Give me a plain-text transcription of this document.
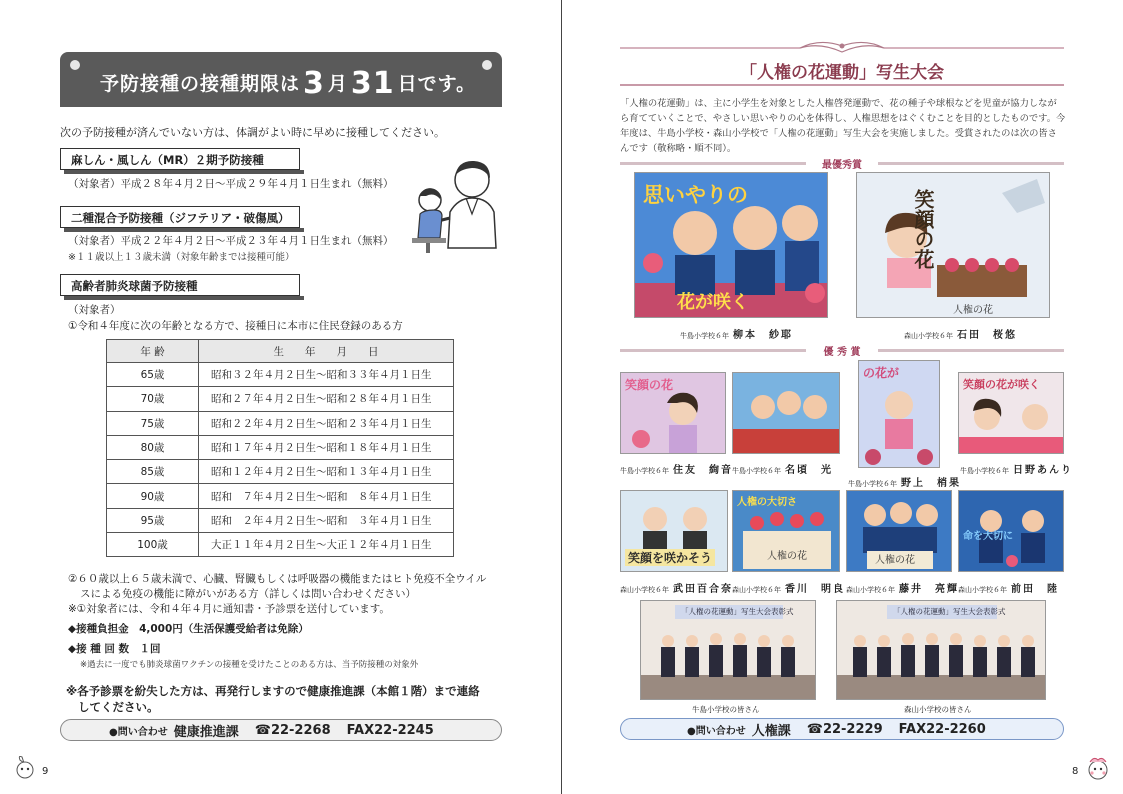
予防接種の接種期限は 3 月 31 日です。
次の予防接種が済んでいない方は、体調がよい時に早めに接種してください。
麻しん・風しん（MR）２期予防接種
（対象者）平成２８年４月２日〜平成２９年４月１日生まれ（無料）
二種混合予防接種（ジフテリア・破傷風）
（対象者）平成２２年４月２日〜平成２３年４月１日生まれ（無料）
※１１歳以上１３歳未満（対象年齢までは接種可能）
高齢者肺炎球菌予防接種
（対象者）
①令和４年度に次の年齢となる方で、接種日に本市に住民登録のある方
年 齢	生　　年　　月　　日
65歳	昭和３２年４月２日生〜昭和３３年４月１日生
70歳	昭和２７年４月２日生〜昭和２８年４月１日生
75歳	昭和２２年４月２日生〜昭和２３年４月１日生
80歳	昭和１７年４月２日生〜昭和１８年４月１日生
85歳	昭和１２年４月２日生〜昭和１３年４月１日生
90歳	昭和　７年４月２日生〜昭和　８年４月１日生
95歳	昭和　２年４月２日生〜昭和　３年４月１日生
100歳	大正１１年４月２日生〜大正１２年４月１日生
②６０歳以上６５歳未満で、心臓、腎臓もしくは呼吸器の機能またはヒト免疫不全ウイル
スによる免疫の機能に障がいがある方（詳しくは問い合わせください）
※①対象者には、令和４年４月に通知書・予診票を送付しています。
◆接種負担金　4,000円（生活保護受給者は免除）
◆接 種 回 数　１回
※過去に一度でも肺炎球菌ワクチンの接種を受けたことのある方は、当予防接種の対象外
※各予診票を紛失した方は、再発行しますので健康推進課（本館１階）まで連絡
してください。
●問い合わせ 健康推進課 ☎22-2268 FAX22-2245
9
「人権の花運動」写生大会
「人権の花運動」は、主に小学生を対象とした人権啓発運動で、花の種子や球根などを児童が協力しながら育てていくことで、やさしい思いやりの心を体得し、人権思想をはぐくむことを目的としたものです。今年度は、牛島小学校・森山小学校で「人権の花運動」写生大会を実施しました。受賞されたのは次の皆さんです（敬称略・順不同）。
最優秀賞
思いやりの
花が咲く
笑顔の花
人権の花
牛島小学校６年 柳本　紗耶	森山小学校６年 石田　桜悠
優 秀 賞
笑顔の花
の花が
笑顔の花が咲く
牛島小学校６年 住友　絢音 牛島小学校６年 名頃　光
牛島小学校６年 野上　梢果
牛島小学校６年 日野あんり
笑顔を咲かそう
人権の大切さ
人権の花	人権の花
命を大切に
森山小学校６年 武田百合奈 森山小学校６年 香川　明良 森山小学校６年 藤井　亮輝 森山小学校６年 前田　陸
「人権の花運動」写生大会表彰式	「人権の花運動」写生大会表彰式
牛島小学校の皆さん	森山小学校の皆さん
●問い合わせ 人権課 ☎22-2229 FAX22-2260
8
